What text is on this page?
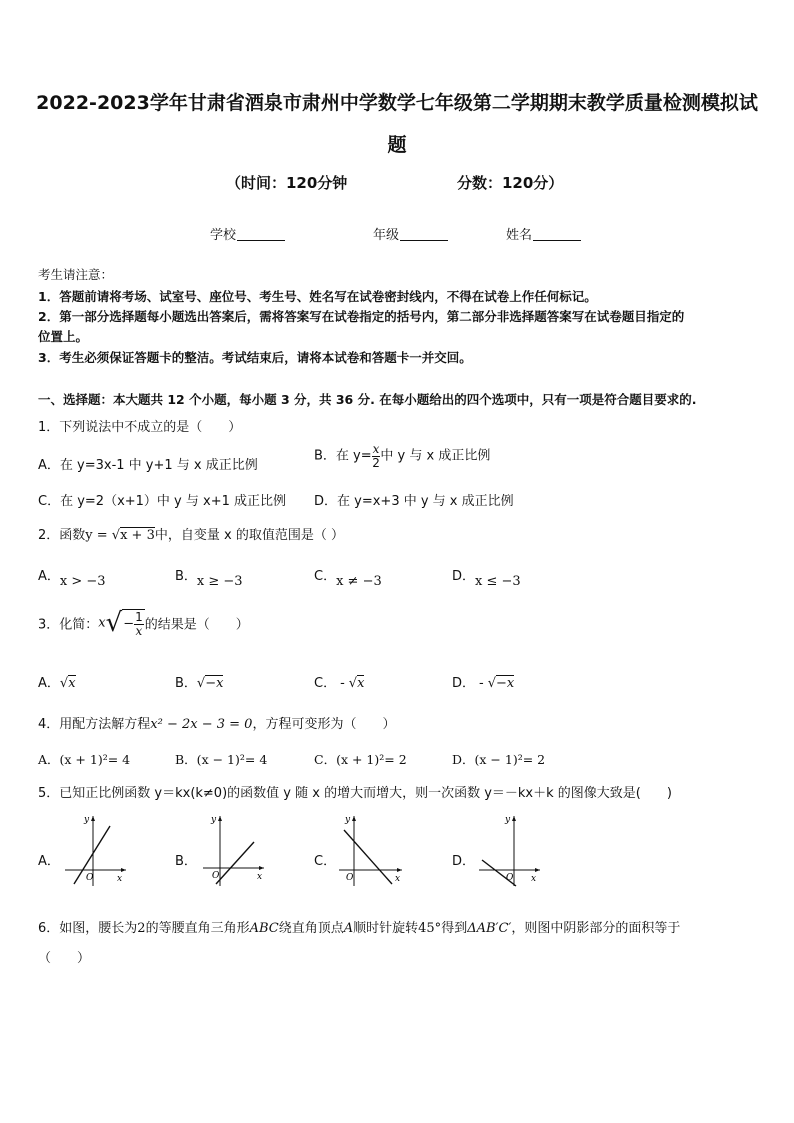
2022-2023学年甘肃省酒泉市肃州中学数学七年级第二学期期末教学质量检测模拟试
题
（时间：120分钟	分数：120分）
学校	年级	姓名
考生请注意：
1．答题前请将考场、试室号、座位号、考生号、姓名写在试卷密封线内，不得在试卷上作任何标记。
2．第一部分选择题每小题选出答案后，需将答案写在试卷指定的括号内，第二部分非选择题答案写在试卷题目指定的
位置上。
3．考生必须保证答题卡的整洁。考试结束后，请将本试卷和答题卡一并交回。
一、选择题：本大题共 12 个小题，每小题 3 分，共 36 分. 在每小题给出的四个选项中，只有一项是符合题目要求的.
1．下列说法中不成立的是（　　）
A．在 y=3x-1 中 y+1 与 x 成正比例
B．在 $y= \frac{x}{2}$ 中 y 与 x 成正比例
C．在 y=2（x+1）中 y 与 x+1 成正比例 D．在 y=x+3 中 y 与 x 成正比例
2．函数y = √x + 3中，自变量 x 的取值范围是（ ）
A．x > −3	B．x ≥ −3	C．x ≠ −3	D．x ≤ −3
3．化简：$x√- \frac{1}{x}$ 的结果是（　　）
A．√x	B．√−x	C． - √x	D． - √−x
4．用配方法解方程x² − 2x − 3 = 0，方程可变形为（　　）
A．(x + 1)²= 4	B．(x − 1)²= 4	C．(x + 1)²= 2	D．(x − 1)²= 2
5．已知正比例函数 y＝kx(k≠0)的函数值 y 随 x 的增大而增大，则一次函数 y＝－kx＋k 的图像大致是(　　)
A．	B．	C．	D．
y
x
O
y
x
O
y
x
O
y
x
O
6．如图，腰长为2的等腰直角三角形ABC绕直角顶点A顺时针旋转45°得到ΔAB′C′，则图中阴影部分的面积等于
（　　）
